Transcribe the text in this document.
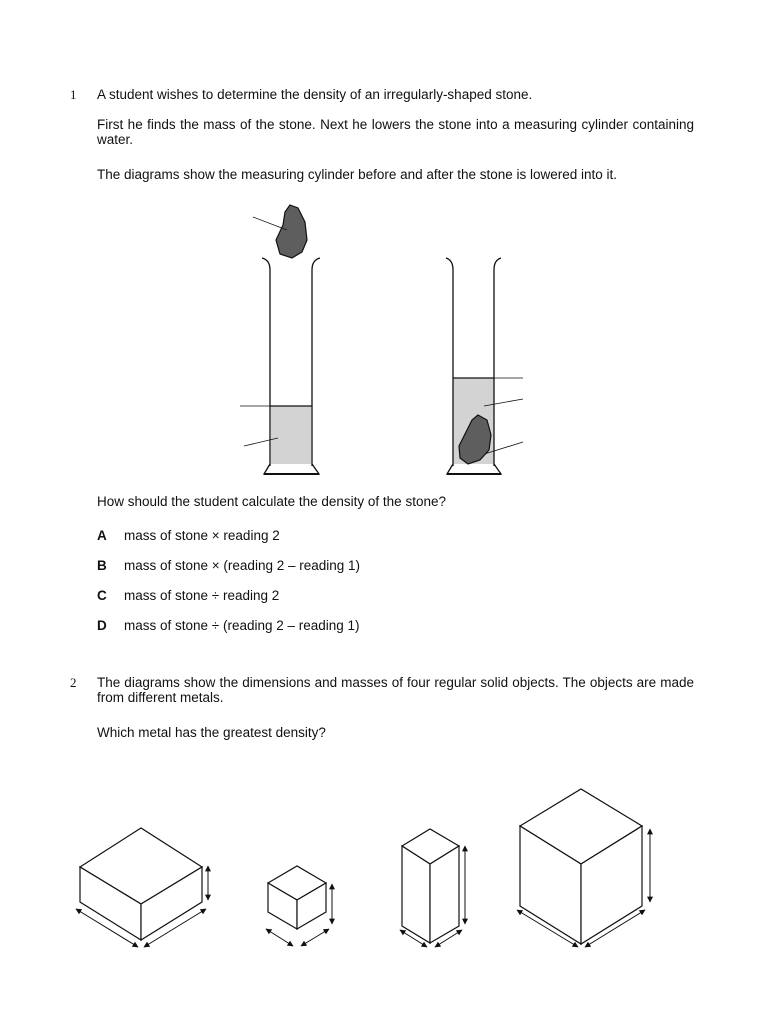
1 A student wishes to determine the density of an irregularly-shaped stone.
First he finds the mass of the stone. Next he lowers the stone into a measuring cylinder containing water.
The diagrams show the measuring cylinder before and after the stone is lowered into it.
How should the student calculate the density of the stone?
A mass of stone × reading 2
B mass of stone × (reading 2 – reading 1)
C mass of stone ÷ reading 2
D mass of stone ÷ (reading 2 – reading 1)
2 The diagrams show the dimensions and masses of four regular solid objects. The objects are made from different metals.
Which metal has the greatest density?
